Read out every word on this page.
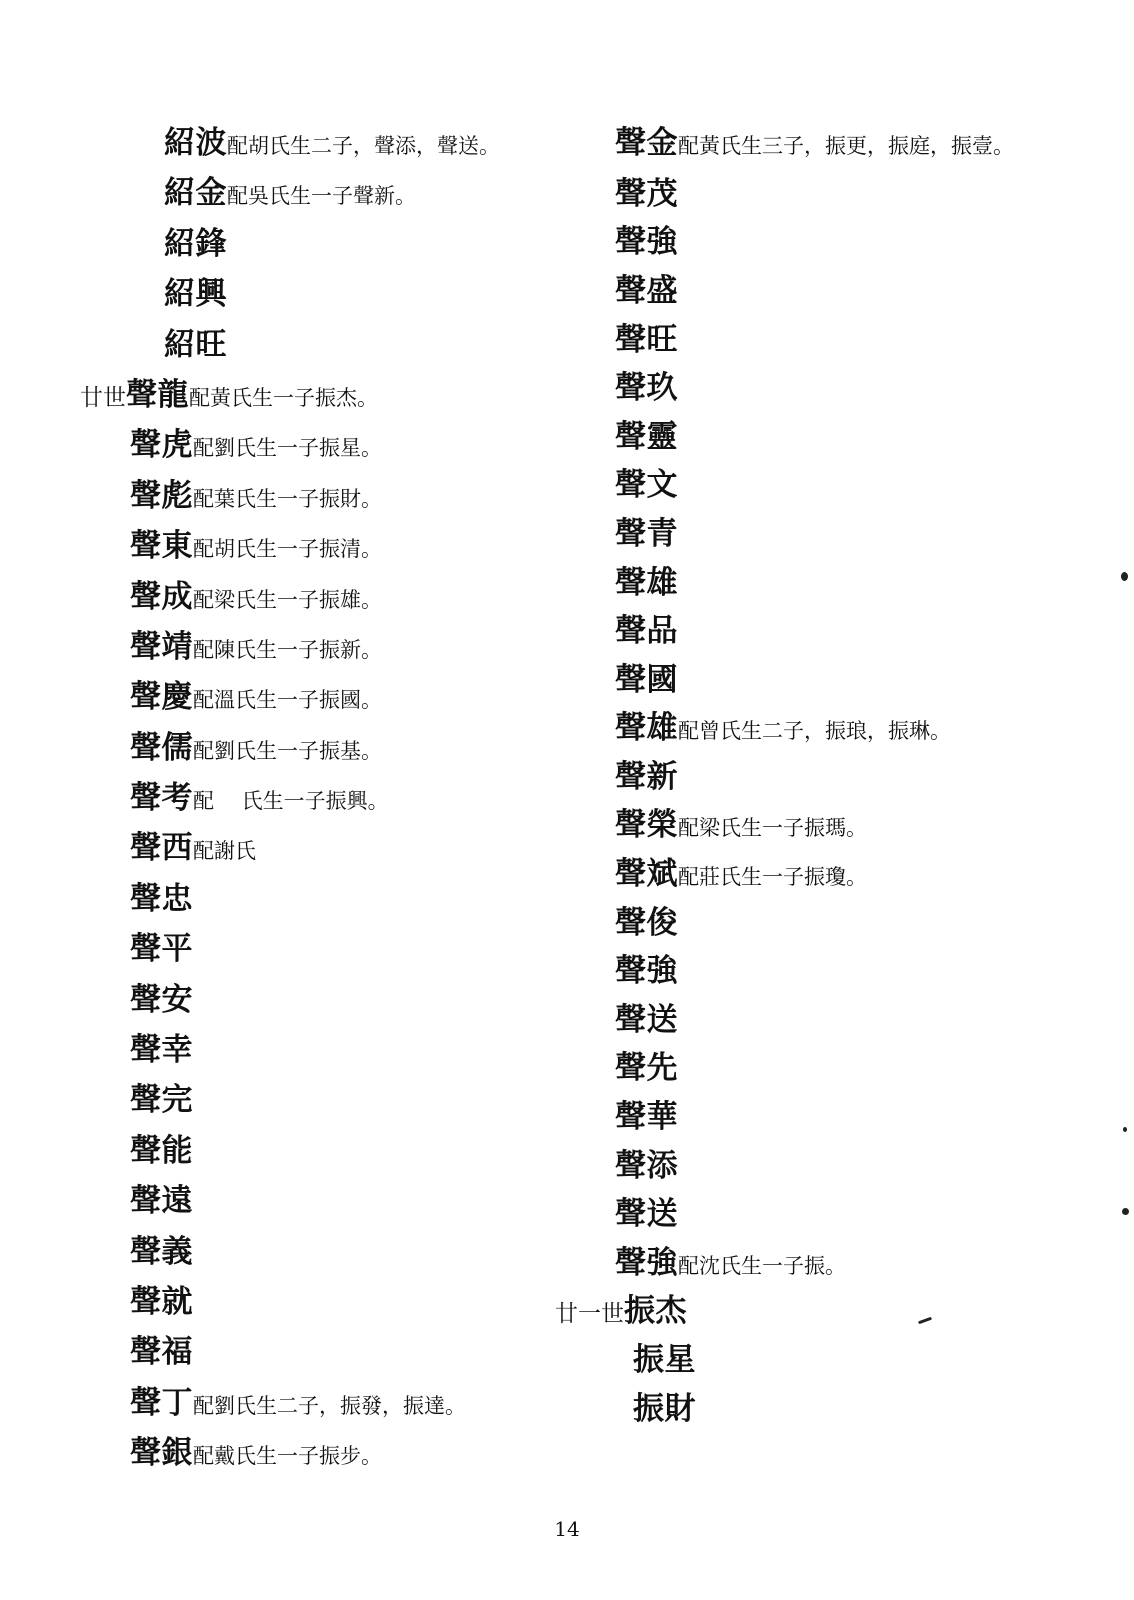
紹波配胡氏生二子，聲添，聲送。
紹金配吳氏生一子聲新。
紹鋒
紹興
紹旺
廿世聲龍配黃氏生一子振杰。
聲虎配劉氏生一子振星。
聲彪配葉氏生一子振財。
聲東配胡氏生一子振清。
聲成配梁氏生一子振雄。
聲靖配陳氏生一子振新。
聲慶配溫氏生一子振國。
聲儒配劉氏生一子振基。
聲考配　 氏生一子振興。
聲西配謝氏
聲忠
聲平
聲安
聲幸
聲完
聲能
聲遠
聲義
聲就
聲福
聲丁配劉氏生二子，振發，振達。
聲銀配戴氏生一子振步。
聲金配黃氏生三子，振更，振庭，振壹。
聲茂
聲強
聲盛
聲旺
聲玖
聲靈
聲文
聲青
聲雄
聲品
聲國
聲雄配曾氏生二子，振琅，振琳。
聲新
聲榮配梁氏生一子振瑪。
聲斌配莊氏生一子振瓊。
聲俊
聲強
聲送
聲先
聲華
聲添
聲送
聲強配沈氏生一子振。
廿一世振杰
振星
振財
14
